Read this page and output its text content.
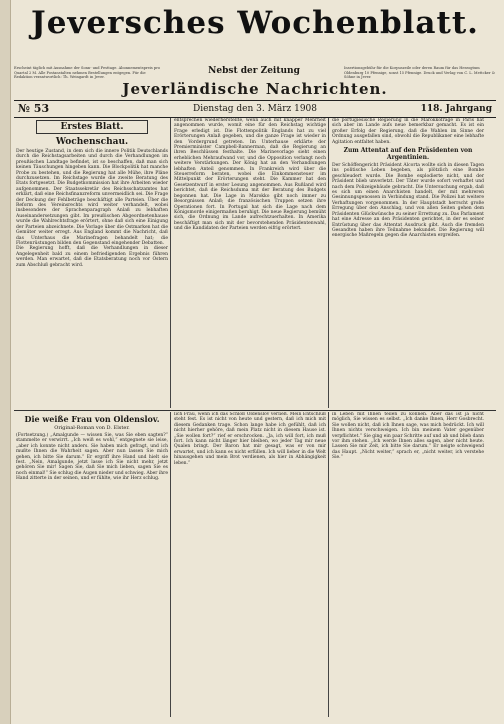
Jeversches Wochenblatt.
Erscheint täglich mit Ausnahme der Sonn- und Festtage. Abonnementspreis pro Quartal 2 M. Alle Postanstalten nehmen Bestellungen entgegen. Für die Redaktion verantwortlich: Th. Weingardt in Jever.
Nebst der Zeitung	Insertionsgebühr für die Korpuszeile oder deren Raum für das Herzogtum Oldenburg 10 Pfennige, sonst 15 Pfennige. Druck und Verlag von C. L. Mettcker & Söhne in Jever.
Jeverländische Nachrichten.
№ 53	Dienstag den 3. März 1908	118. Jahrgang
Erstes Blatt.
Wochenschau.

Der heutige Zustand, in dem sich die innere Politik Deutschlands durch die Reichstagsarbeiten und durch die Verhandlungen im preußischen Landtage befindet, ist so beschaffen, daß man sich keinen Täuschungen hingeben kann. Die Blockpolitik hat manche Probe zu bestehen, und die Regierung hat alle Mühe, ihre Pläne durchzusetzen. Im Reichstage wurde die zweite Beratung des Etats fortgesetzt. Die Budgetkommission hat ihre Arbeiten wieder aufgenommen. Der Staatssekretär des Reichsschatzamtes hat erklärt, daß eine Reichsfinanzreform unvermeidlich sei. Die Frage der Deckung der Fehlbeträge beschäftigt alle Parteien. Über die Reform des Vereinsrechts wird weiter verhandelt, wobei insbesondere der Sprachenparagraph Anlaß zu lebhaften Auseinandersetzungen gibt. Im preußischen Abgeordnetenhause wurde die Wahlrechtsfrage erörtert, ohne daß sich eine Einigung der Parteien abzeichnete. Die Vorlage über die Ostmarken hat die Gemüter weiter erregt. Aus England kommt die Nachricht, daß das Unterhaus die Marinefragen behandelt hat; die Flottenrüstungen bilden den Gegenstand eingehender Debatten.

Die Regierung hofft, daß die Verhandlungen in dieser Angelegenheit bald zu einem befriedigenden Ergebnis führen werden. Man erwartet, daß die Etatsberatung noch vor Ostern zum Abschluß gebracht wird.

entsprechen wiederherstellte, wenn auch mit knapper Mehrheit angenommen wurde, womit eine für den Reichstag wichtige Frage erledigt ist. Die Flottenpolitik Englands hat zu viel Erörterungen Anlaß gegeben, und die ganze Frage ist wieder in den Vordergrund getreten. Im Unterhause erklärte der Premierminister Campbell-Bannerman, daß die Regierung an ihren Beschlüssen festhalte. Die Marinevorlage sieht einen erheblichen Mehraufwand vor, und die Opposition verlangt noch weitere Verstärkungen. Der König hat an den Verhandlungen lebhaften Anteil genommen. In Frankreich wird über die Steuerreform beraten, wobei die Einkommensteuer im Mittelpunkt der Erörterungen steht. Die Kammer hat den Gesetzentwurf in erster Lesung angenommen. Aus Rußland wird berichtet, daß die Reichsduma mit der Beratung des Budgets begonnen hat. Die Lage in Marokko gibt noch immer zu Besorgnissen Anlaß; die französischen Truppen setzen ihre Operationen fort. In Portugal hat sich die Lage nach dem Königsmorde einigermaßen beruhigt. Die neue Regierung bemüht sich, die Ordnung im Lande aufrechtzuerhalten. In Amerika beschäftigt man sich mit der bevorstehenden Präsidentenwahl, und die Kandidaten der Parteien werden eifrig erörtert.

die portugiesische Regierung in die Marokkofrage in Paris hat sich aber im Lande aufs neue bemerkbar gemacht. Es ist ein großer Erfolg der Regierung, daß die Wahlen im Sinne der Ordnung ausgefallen sind, obwohl die Republikaner eine lebhafte Agitation entfaltet haben.

Zum Attentat auf den Präsidenten von Argentinien.

Der Schöffengericht Präsident Alcorta wollte sich in diesen Tagen ins politische Leben begeben, als plötzlich eine Bombe geschleudert wurde. Die Bombe explodierte nicht, und der Präsident blieb unverletzt. Der Täter wurde sofort verhaftet und nach dem Polizeigebäude gebracht. Die Untersuchung ergab, daß es sich um einen Anarchisten handelt, der mit mehreren Gesinnungsgenossen in Verbindung stand. Die Polizei hat weitere Verhaftungen vorgenommen. In der Hauptstadt herrscht große Erregung über den Anschlag, und von allen Seiten gehen dem Präsidenten Glückwünsche zu seiner Errettung zu. Das Parlament hat eine Adresse an den Präsidenten gerichtet, in der es seiner Entrüstung über das Attentat Ausdruck gibt. Auch die fremden Gesandten haben ihre Teilnahme bekundet. Die Regierung will energische Maßregeln gegen die Anarchisten ergreifen.

Die weiße Frau von Oldenslov.
Original-Roman von D. Elster.

(Fortsetzung.) „Amalgunde — wissen Sie, was Sie eben sagten?“ stammelte er verwirrt. „Ich weiß es wohl,“ entgegnete sie leise, „aber ich konnte nicht anders. Sie haben mich gefragt, und ich mußte Ihnen die Wahrheit sagen. Aber nun lassen Sie mich gehen, ich bitte Sie darum.“ Er ergriff ihre Hand und hielt sie fest. „Nein, Amalgunde, jetzt lasse ich Sie nicht mehr, jetzt gehören Sie mir! Sagen Sie, daß Sie mich lieben, sagen Sie es noch einmal!“ Sie schlug die Augen nieder und schwieg. Aber ihre Hand zitterte in der seinen, und er fühlte, wie ihr Herz schlug.

lich Frau, wenn ich das Schloß Oldenslov verließ. Mein Entschluß steht fest. Es ist nicht von heute und gestern, daß ich mich mit diesem Gedanken trage. Schon lange habe ich gefühlt, daß ich nicht hierher gehöre, daß mein Platz nicht in diesem Hause ist. „Sie wollen fort?“ rief er erschrocken. „Ja, ich will fort, ich muß fort. Ich kann nicht länger hier bleiben, wo jeder Tag mir neue Qualen bringt. Der Baron hat mir gesagt, was er von mir erwartet, und ich kann es nicht erfüllen. Ich will lieber in die Welt hinausgehen und mein Brot verdienen, als hier in Abhängigkeit leben.“

in Leben mit Ihnen teilen zu können. Aber das ist ja nicht möglich, Sie wissen es selbst. „Ich danke Ihnen, Herr Gosbrecht. Sie wollen nicht, daß ich Ihnen sage, was mich bedrückt. Ich will Ihnen nichts verschweigen. Ich bin meinem Vater gegenüber verpflichtet.“ Sie ging ein paar Schritte auf und ab und blieb dann vor ihm stehen. „Ich werde Ihnen alles sagen, aber nicht heute. Lassen Sie mir Zeit, ich bitte Sie darum.“ Er neigte schweigend das Haupt. „Nicht weiter,“ sprach er, „nicht weiter, ich verstehe Sie.“
